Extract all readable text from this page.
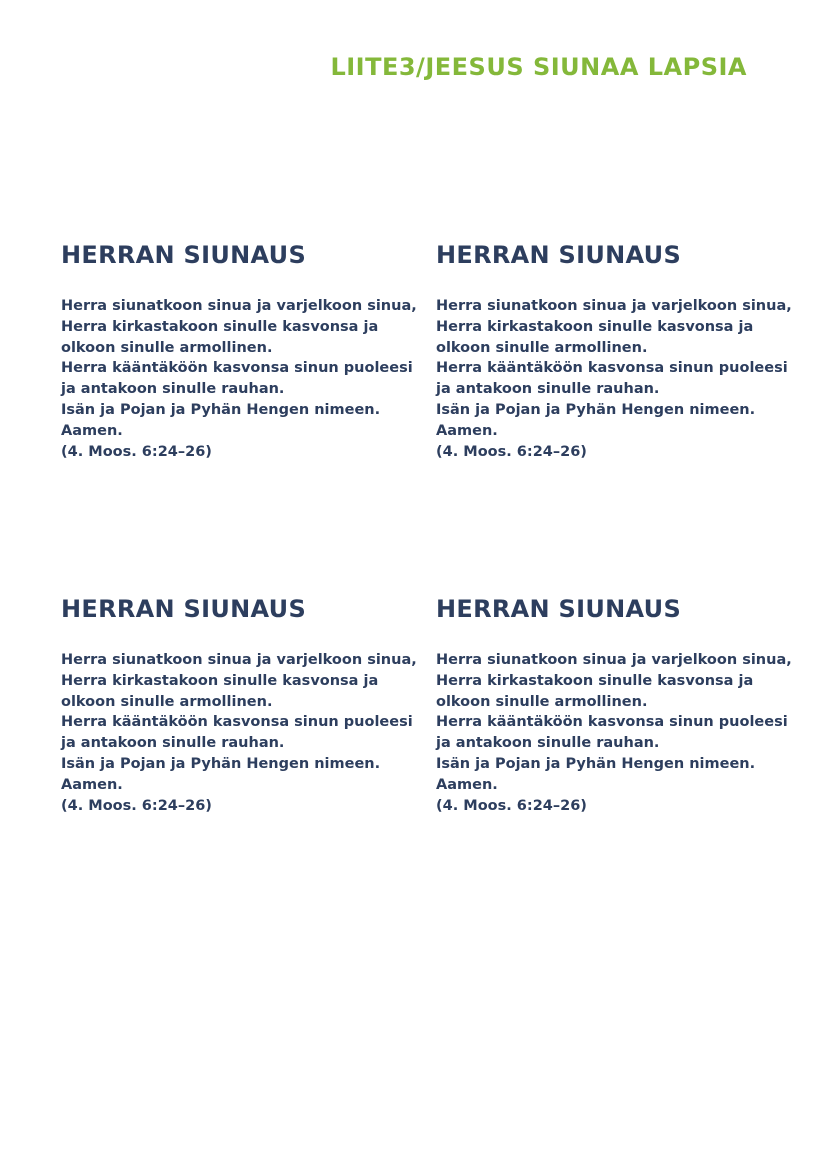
LIITE3/JEESUS SIUNAA LAPSIA
HERRAN SIUNAUS
Herra siunatkoon sinua ja varjelkoon sinua,
Herra kirkastakoon sinulle kasvonsa ja
olkoon sinulle armollinen.
Herra kääntäköön kasvonsa sinun puoleesi
ja antakoon sinulle rauhan.
Isän ja Pojan ja Pyhän Hengen nimeen.
Aamen.
(4. Moos. 6:24–26)
HERRAN SIUNAUS
Herra siunatkoon sinua ja varjelkoon sinua,
Herra kirkastakoon sinulle kasvonsa ja
olkoon sinulle armollinen.
Herra kääntäköön kasvonsa sinun puoleesi
ja antakoon sinulle rauhan.
Isän ja Pojan ja Pyhän Hengen nimeen.
Aamen.
(4. Moos. 6:24–26)
HERRAN SIUNAUS
Herra siunatkoon sinua ja varjelkoon sinua,
Herra kirkastakoon sinulle kasvonsa ja
olkoon sinulle armollinen.
Herra kääntäköön kasvonsa sinun puoleesi
ja antakoon sinulle rauhan.
Isän ja Pojan ja Pyhän Hengen nimeen.
Aamen.
(4. Moos. 6:24–26)
HERRAN SIUNAUS
Herra siunatkoon sinua ja varjelkoon sinua,
Herra kirkastakoon sinulle kasvonsa ja
olkoon sinulle armollinen.
Herra kääntäköön kasvonsa sinun puoleesi
ja antakoon sinulle rauhan.
Isän ja Pojan ja Pyhän Hengen nimeen.
Aamen.
(4. Moos. 6:24–26)
